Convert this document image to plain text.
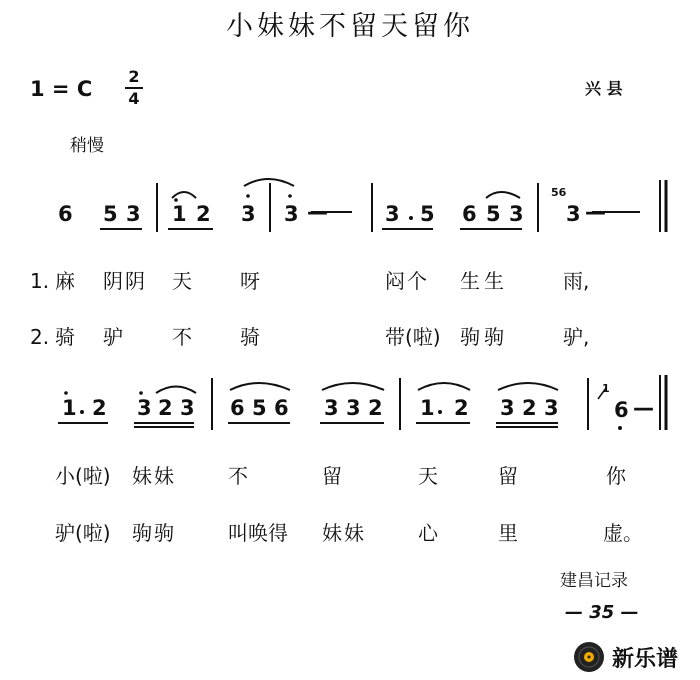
小妹妹不留天留你
1 = C
2
4
兴 县
稍慢
6 5 3 1 2 3 3 —	3 5 6 5 3
56
3 —
1. 麻 阴阴 天 呀	闷个 生生	雨,
2. 骑 驴 不 骑	带(啦) 驹驹	驴,
1 2 3 2 3 6 5 6 3 3 2 1 2 3 2 3
1
6 —
小(啦) 妹妹	不	留	天	留	你
驴(啦) 驹驹	叫唤得 妹妹	心	里	虚。
建昌记录
— 35 —
新乐谱
